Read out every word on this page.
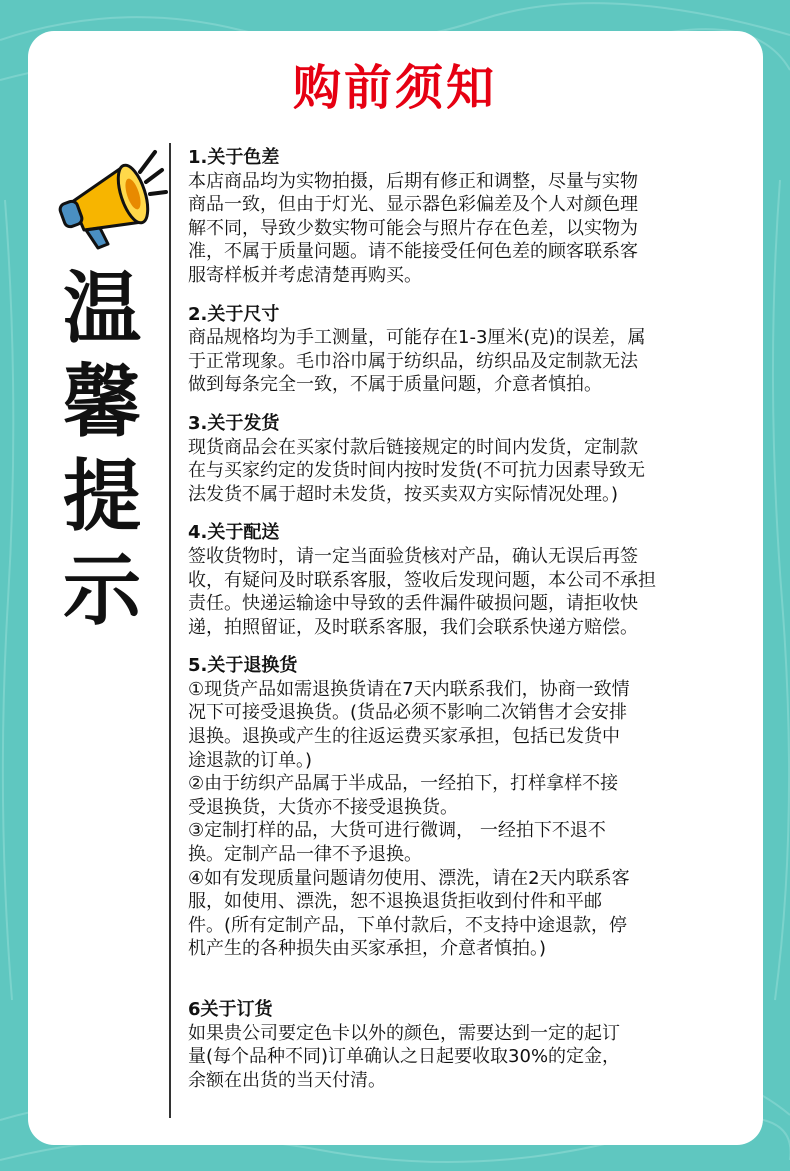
购前须知
温
馨
提
示
1.关于色差

本店商品均为实物拍摄，后期有修正和调整，尽量与实物

商品一致，但由于灯光、显示器色彩偏差及个人对颜色理

解不同，导致少数实物可能会与照片存在色差，以实物为

准，不属于质量问题。请不能接受任何色差的顾客联系客

服寄样板并考虑清楚再购买。

2.关于尺寸

商品规格均为手工测量，可能存在1-3厘米(克)的误差，属

于正常现象。毛巾浴巾属于纺织品，纺织品及定制款无法

做到每条完全一致，不属于质量问题，介意者慎拍。

3.关于发货

现货商品会在买家付款后链接规定的时间内发货，定制款

在与买家约定的发货时间内按时发货(不可抗力因素导致无

法发货不属于超时未发货，按买卖双方实际情况处理。)

4.关于配送

签收货物时，请一定当面验货核对产品，确认无误后再签

收，有疑问及时联系客服，签收后发现问题，本公司不承担

责任。快递运输途中导致的丢件漏件破损问题，请拒收快

递，拍照留证，及时联系客服，我们会联系快递方赔偿。

5.关于退换货

①现货产品如需退换货请在7天内联系我们，协商一致情

况下可接受退换货。(货品必须不影响二次销售才会安排

退换。退换或产生的往返运费买家承担，包括已发货中

途退款的订单。)

②由于纺织产品属于半成品，一经拍下，打样拿样不接

受退换货，大货亦不接受退换货。

③定制打样的品，大货可进行微调， 一经拍下不退不

换。定制产品一律不予退换。

④如有发现质量问题请勿使用、漂洗，请在2天内联系客

服，如使用、漂洗，恕不退换退货拒收到付件和平邮

件。(所有定制产品，下单付款后，不支持中途退款，停

机产生的各种损失由买家承担，介意者慎拍。)

6关于订货

如果贵公司要定色卡以外的颜色，需要达到一定的起订

量(每个品种不同)订单确认之日起要收取30%的定金，

余额在出货的当天付清。
